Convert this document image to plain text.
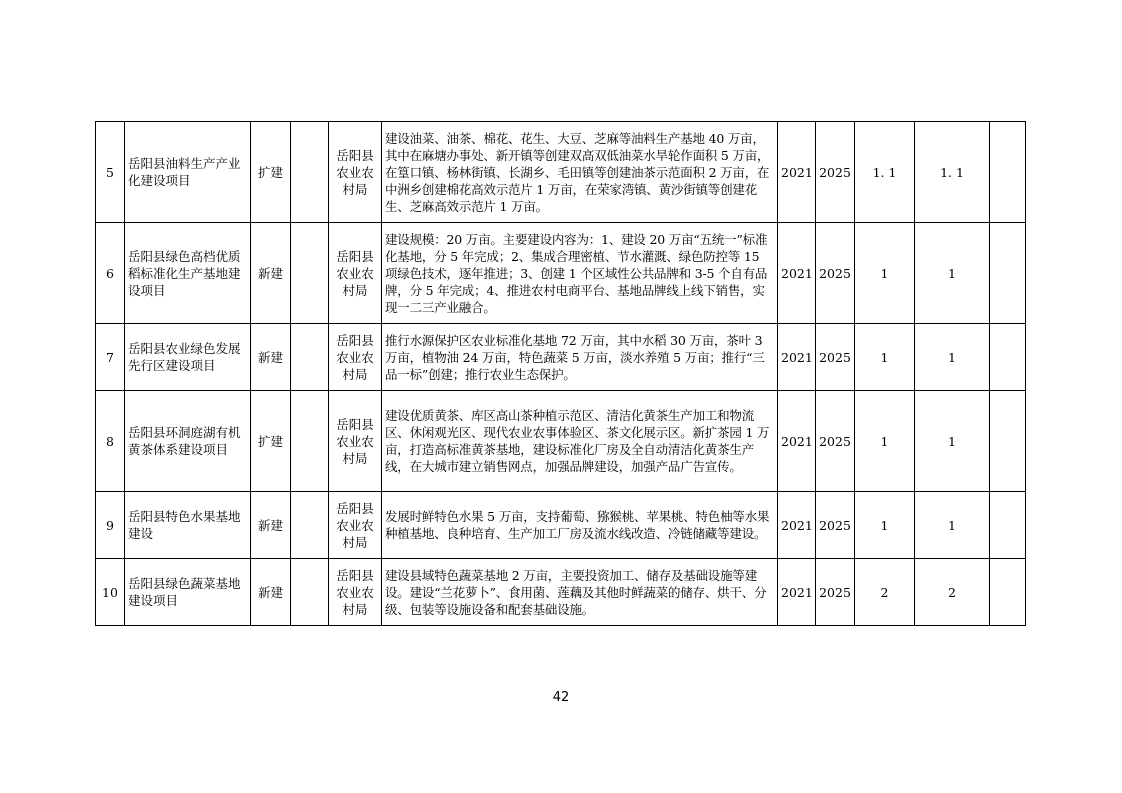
5	岳阳县油料生产产业化建设项目	扩建		岳阳县农业农村局	建设油菜、油茶、棉花、花生、大豆、芝麻等油料生产基地 40 万亩，其中在麻塘办事处、新开镇等创建双高双低油菜水旱轮作面积 5 万亩，在篁口镇、杨林街镇、长湖乡、毛田镇等创建油茶示范面积 2 万亩，在中洲乡创建棉花高效示范片 1 万亩，在荣家湾镇、黄沙街镇等创建花生、芝麻高效示范片 1 万亩。	2021	2025	1. 1	1. 1	
6	岳阳县绿色高档优质稻标准化生产基地建设项目	新建		岳阳县农业农村局	建设规模：20 万亩。主要建设内容为：1、建设 20 万亩“五统一”标准化基地，分 5 年完成；2、集成合理密植、节水灌溉、绿色防控等 15 项绿色技术，逐年推进；3、创建 1 个区域性公共品牌和 3-5 个自有品牌，分 5 年完成；4、推进农村电商平台、基地品牌线上线下销售，实现一二三产业融合。	2021	2025	1	1	
7	岳阳县农业绿色发展先行区建设项目	新建		岳阳县农业农村局	推行水源保护区农业标准化基地 72 万亩，其中水稻 30 万亩，茶叶 3 万亩，植物油 24 万亩，特色蔬菜 5 万亩，淡水养殖 5 万亩；推行“三品一标”创建；推行农业生态保护。	2021	2025	1	1	
8	岳阳县环洞庭湖有机黄茶体系建设项目	扩建		岳阳县农业农村局	建设优质黄茶、库区高山茶种植示范区、清洁化黄茶生产加工和物流区、休闲观光区、现代农业农事体验区、茶文化展示区。新扩茶园 1 万亩，打造高标准黄茶基地，建设标准化厂房及全自动清洁化黄茶生产线，在大城市建立销售网点，加强品牌建设，加强产品广告宣传。	2021	2025	1	1	
9	岳阳县特色水果基地建设	新建		岳阳县农业农村局	发展时鲜特色水果 5 万亩，支持葡萄、猕猴桃、苹果桃、特色柚等水果种植基地、良种培育、生产加工厂房及流水线改造、冷链储藏等建设。	2021	2025	1	1	
10	岳阳县绿色蔬菜基地建设项目	新建		岳阳县农业农村局	建设县域特色蔬菜基地 2 万亩，主要投资加工、储存及基础设施等建设。建设“兰花萝卜”、食用菌、莲藕及其他时鲜蔬菜的储存、烘干、分级、包装等设施设备和配套基础设施。	2021	2025	2	2	
42
